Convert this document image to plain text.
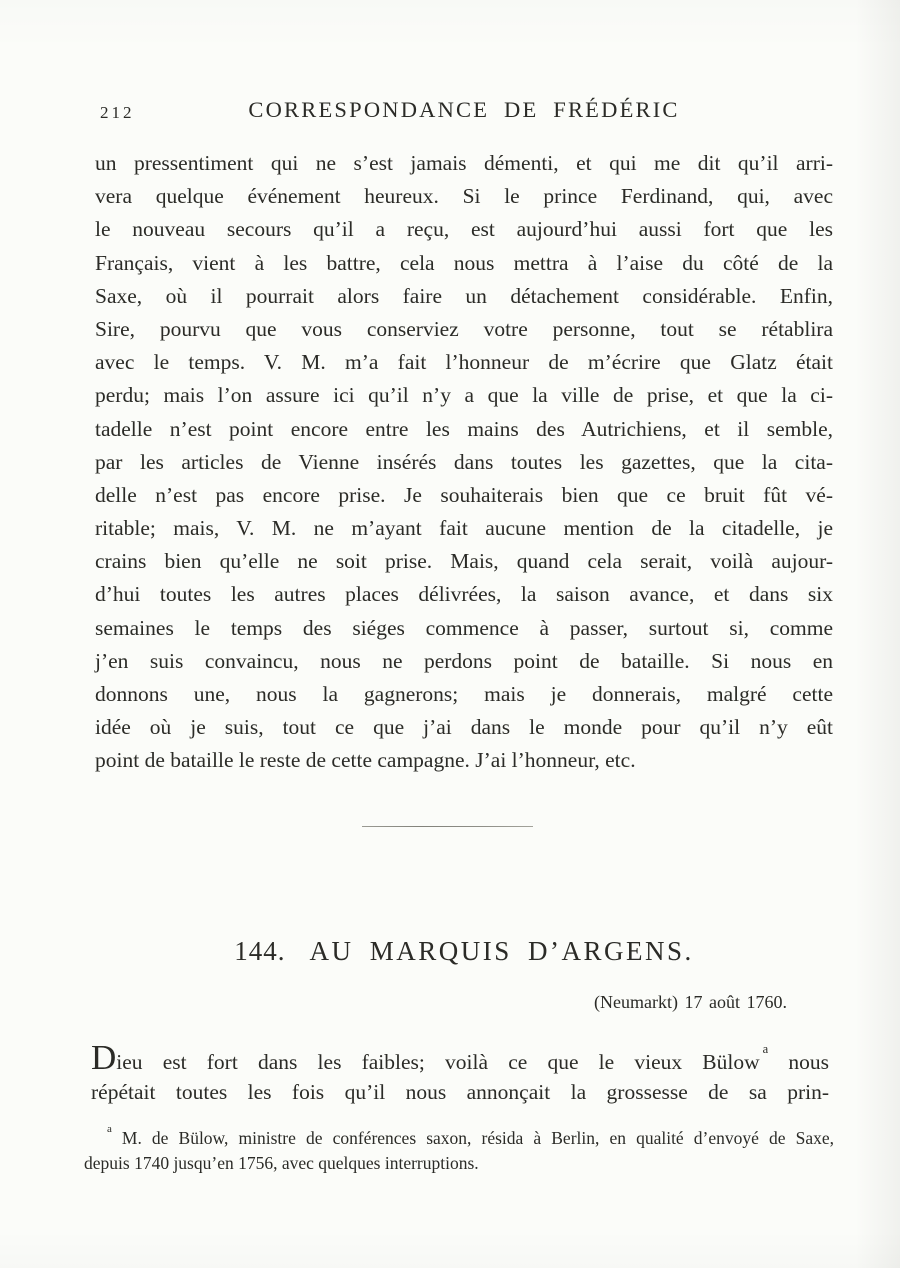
212	CORRESPONDANCE DE FRÉDÉRIC
un pressentiment qui ne s’est jamais démenti, et qui me dit qu’il arri-
vera quelque événement heureux. Si le prince Ferdinand, qui, avec
le nouveau secours qu’il a reçu, est aujourd’hui aussi fort que les
Français, vient à les battre, cela nous mettra à l’aise du côté de la
Saxe, où il pourrait alors faire un détachement considérable. Enfin,
Sire, pourvu que vous conserviez votre personne, tout se rétablira
avec le temps. V. M. m’a fait l’honneur de m’écrire que Glatz était
perdu; mais l’on assure ici qu’il n’y a que la ville de prise, et que la ci-
tadelle n’est point encore entre les mains des Autrichiens, et il semble,
par les articles de Vienne insérés dans toutes les gazettes, que la cita-
delle n’est pas encore prise. Je souhaiterais bien que ce bruit fût vé-
ritable; mais, V. M. ne m’ayant fait aucune mention de la citadelle, je
crains bien qu’elle ne soit prise. Mais, quand cela serait, voilà aujour-
d’hui toutes les autres places délivrées, la saison avance, et dans six
semaines le temps des siéges commence à passer, surtout si, comme
j’en suis convaincu, nous ne perdons point de bataille. Si nous en
donnons une, nous la gagnerons; mais je donnerais, malgré cette
idée où je suis, tout ce que j’ai dans le monde pour qu’il n’y eût
point de bataille le reste de cette campagne. J’ai l’honneur, etc.
144. AU MARQUIS D’ARGENS.
(Neumarkt) 17 août 1760.
Dieu est fort dans les faibles; voilà ce que le vieux Bülow$^a$ nous
répétait toutes les fois qu’il nous annonçait la grossesse de sa prin-
$^a$ M. de Bülow, ministre de conférences saxon, résida à Berlin, en qualité d’envoyé de Saxe,
depuis 1740 jusqu’en 1756, avec quelques interruptions.
